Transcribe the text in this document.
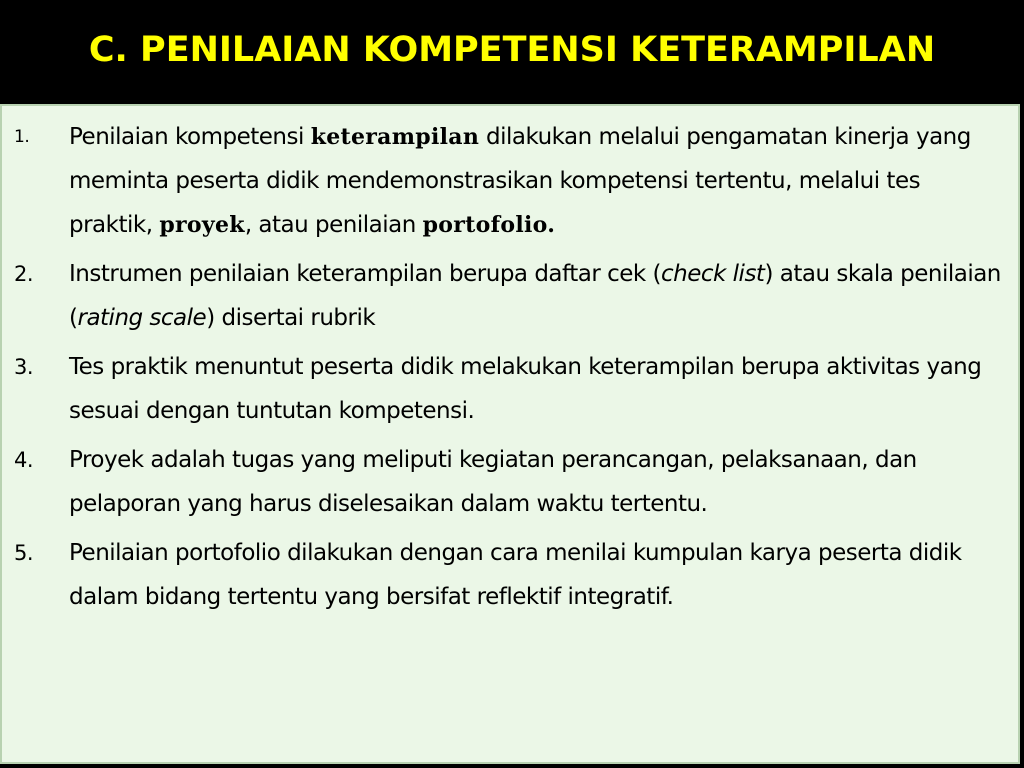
C. PENILAIAN KOMPETENSI KETERAMPILAN
1. Penilaian kompetensi keterampilan dilakukan melalui pengamatan kinerja yang meminta peserta didik mendemonstrasikan kompetensi tertentu, melalui tes praktik, proyek, atau penilaian portofolio.
2. Instrumen penilaian keterampilan berupa daftar cek (check list) atau skala penilaian (rating scale) disertai rubrik
3. Tes praktik menuntut peserta didik melakukan keterampilan berupa aktivitas yang sesuai dengan tuntutan kompetensi.
4. Proyek adalah tugas yang meliputi kegiatan perancangan, pelaksanaan, dan pelaporan yang harus diselesaikan dalam waktu tertentu.
5. Penilaian portofolio dilakukan dengan cara menilai kumpulan karya peserta didik dalam bidang tertentu yang bersifat reflektif integratif.
